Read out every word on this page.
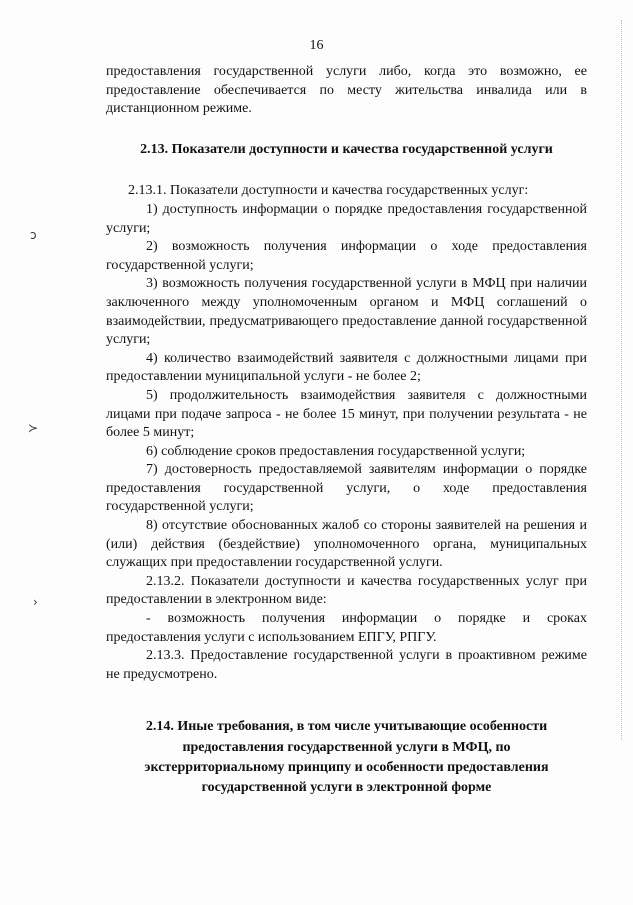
ↄ
≻
›
16

предоставления государственной услуги либо, когда это возможно, ее предоставление обеспечивается по месту жительства инвалида или в дистанционном режиме.

2.13. Показатели доступности и качества государственной услуги

2.13.1. Показатели доступности и качества государственных услуг:

1) доступность информации о порядке предоставления государственной услуги;

2) возможность получения информации о ходе предоставления государственной услуги;

3) возможность получения государственной услуги в МФЦ при наличии заключенного между уполномоченным органом и МФЦ соглашений о взаимодействии, предусматривающего предоставление данной государственной услуги;

4) количество взаимодействий заявителя с должностными лицами при предоставлении муниципальной услуги - не более 2;

5) продолжительность взаимодействия заявителя с должностными лицами при подаче запроса - не более 15 минут, при получении результата - не более 5 минут;

6) соблюдение сроков предоставления государственной услуги;

7) достоверность предоставляемой заявителям информации о порядке предоставления государственной услуги, о ходе предоставления государственной услуги;

8) отсутствие обоснованных жалоб со стороны заявителей на решения и (или) действия (бездействие) уполномоченного органа, муниципальных служащих при предоставлении государственной услуги.

2.13.2. Показатели доступности и качества государственных услуг при предоставлении в электронном виде:

- возможность получения информации о порядке и сроках предоставления услуги с использованием ЕПГУ, РПГУ.

2.13.3. Предоставление государственной услуги в проактивном режиме не предусмотрено.

2.14. Иные требования, в том числе учитывающие особенности
предоставления государственной услуги в МФЦ, по
экстерриториальному принципу и особенности предоставления
государственной услуги в электронной форме
